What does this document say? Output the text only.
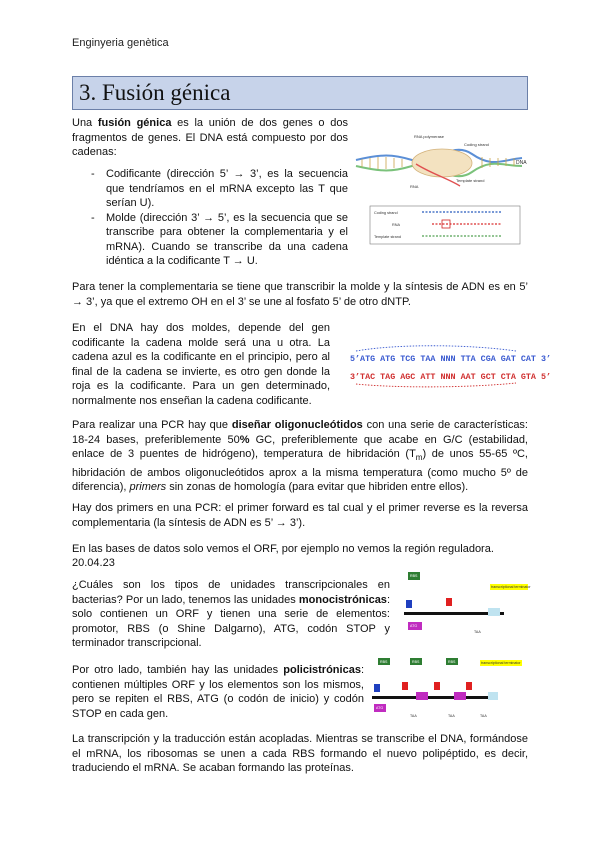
Enginyeria genètica
3. Fusión génica
Una fusión génica es la unión de dos genes o dos fragmentos de genes. El DNA está compuesto por dos cadenas:
- Codificante (dirección 5’ → 3’, es la secuencia que tendríamos en el mRNA excepto las T que serían U).
- Molde (dirección 3’ → 5’, es la secuencia que se transcribe para obtener la complementaria y el mRNA). Cuando se transcribe da una cadena idéntica a la codificante T → U.
RNA polymerase
Coding strand
DNA
RNA
Template strand
Coding strand
RNA
Template strand
Para tener la complementaria se tiene que transcribir la molde y la síntesis de ADN es en 5’ → 3’, ya que el extremo OH en el 3’ se une al fosfato 5’ de otro dNTP.
En el DNA hay dos moldes, depende del gen codificante la cadena molde será una u otra. La cadena azul es la codificante en el principio, pero al final de la cadena se invierte, es otro gen donde la roja es la codificante. Para un gen determinado, normalmente nos enseñan la cadena codificante.
5’ATG ATG TCG TAA NNN TTA CGA GAT CAT 3’
3’TAC TAG AGC ATT NNN AAT GCT CTA GTA 5’
Para realizar una PCR hay que diseñar oligonucleótidos con una serie de características: 18-24 bases, preferiblemente 50% GC, preferiblemente que acabe en G/C (estabilidad, enlace de 3 puentes de hidrógeno), temperatura de hibridación $(T_m)$ de unos 55-65 ºC, hibridación de ambos oligonucleótidos aprox a la misma temperatura (como mucho 5º de diferencia), primers sin zonas de homología (para evitar que hibriden entre ellos).
Hay dos primers en una PCR: el primer forward es tal cual y el primer reverse es la reversa complementaria (la síntesis de ADN es 5’ → 3’).
En las bases de datos solo vemos el ORF, por ejemplo no vemos la región reguladora.
20.04.23
¿Cuáles son los tipos de unidades transcripcionales en bacterias? Por un lado, tenemos las unidades monocistrónicas: solo contienen un ORF y tienen una serie de elementos: promotor, RBS (o Shine Dalgarno), ATG, codón STOP y terminador transcripcional.
RBS
transcriptional terminator
ATG
TAA
Por otro lado, también hay las unidades policistrónicas: contienen múltiples ORF y los elementos son los mismos, pero se repiten el RBS, ATG (o codón de inicio) y codón STOP en cada gen.
RBS	RBS	RBS	transcriptional terminator
ATG
TAA	TAA	TAA
La transcripción y la traducción están acopladas. Mientras se transcribe el DNA, formándose el mRNA, los ribosomas se unen a cada RBS formando el nuevo polipéptido, es decir, traduciendo el mRNA. Se acaban formando las proteínas.
